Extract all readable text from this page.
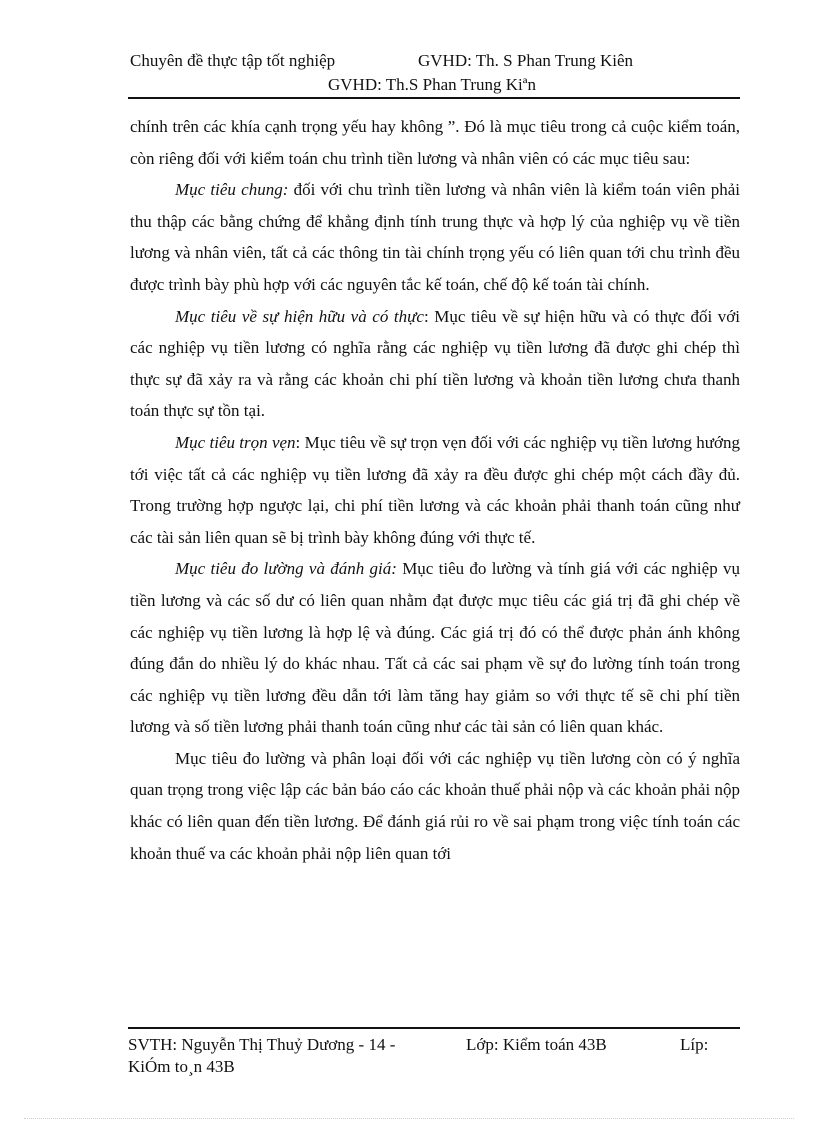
Chuyên đề thực tập tốt nghiệp	GVHD: Th. S Phan Trung Kiên
GVHD: Th.S Phan Trung Kiªn

chính trên các khía cạnh trọng yếu hay không ”. Đó là mục tiêu trong cả cuộc kiểm toán, còn riêng đối với kiểm toán chu trình tiền lương và nhân viên có các mục tiêu sau:

Mục tiêu chung: đối với chu trình tiền lương và nhân viên là kiểm toán viên phải thu thập các bằng chứng để khẳng định tính trung thực và hợp lý của nghiệp vụ về tiền lương và nhân viên, tất cả các thông tin tài chính trọng yếu có liên quan tới chu trình đều được trình bày phù hợp với các nguyên tắc kế toán, chế độ kế toán tài chính.

Mục tiêu về sự hiện hữu và có thực: Mục tiêu về sự hiện hữu và có thực đối với các nghiệp vụ tiền lương có nghĩa rằng các nghiệp vụ tiền lương đã được ghi chép thì thực sự đã xảy ra và rằng các khoản chi phí tiền lương và khoản tiền lương chưa thanh toán thực sự tồn tại.

Mục tiêu trọn vẹn: Mục tiêu về sự trọn vẹn đối với các nghiệp vụ tiền lương hướng tới việc tất cả các nghiệp vụ tiền lương đã xảy ra đều được ghi chép một cách đầy đủ. Trong trường hợp ngược lại, chi phí tiền lương và các khoản phải thanh toán cũng như các tài sản liên quan sẽ bị trình bày không đúng với thực tế.

Mục tiêu đo lường và đánh giá: Mục tiêu đo lường và tính giá với các nghiệp vụ tiền lương và các số dư có liên quan nhằm đạt được mục tiêu các giá trị đã ghi chép về các nghiệp vụ tiền lương là hợp lệ và đúng. Các giá trị đó có thể được phản ánh không đúng đắn do nhiều lý do khác nhau. Tất cả các sai phạm về sự đo lường tính toán trong các nghiệp vụ tiền lương đều dẫn tới làm tăng hay giảm so với thực tế sẽ chi phí tiền lương và số tiền lương phải thanh toán cũng như các tài sản có liên quan khác.

Mục tiêu đo lường và phân loại đối với các nghiệp vụ tiền lương còn có ý nghĩa quan trọng trong việc lập các bản báo cáo các khoản thuế phải nộp và các khoản phải nộp khác có liên quan đến tiền lương. Để đánh giá rủi ro về sai phạm trong việc tính toán các khoản thuế va các khoản phải nộp liên quan tới

SVTH: Nguyễn Thị Thuỷ Dương - 14 -	Lớp: Kiểm toán 43B	Líp:
KiÓm to¸n 43B
